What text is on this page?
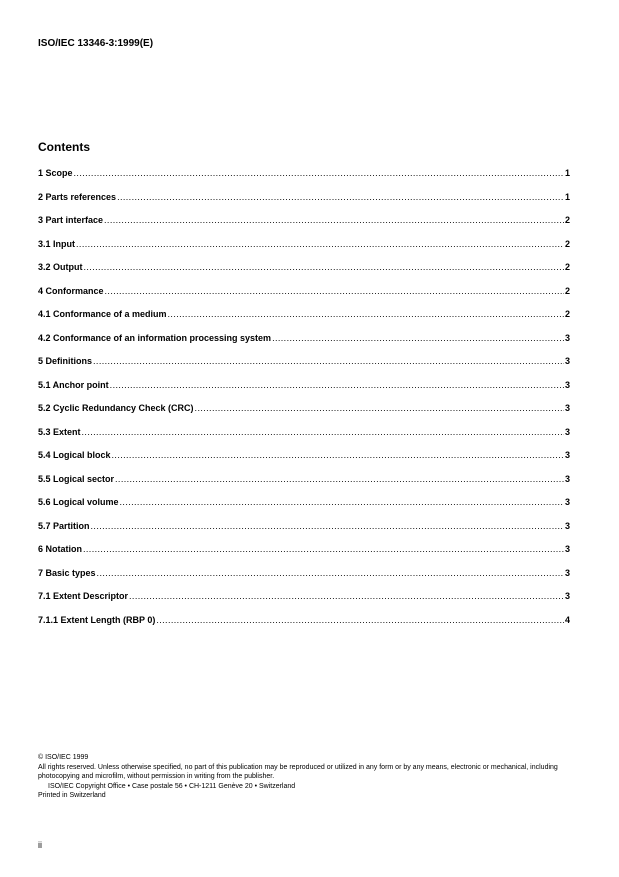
ISO/IEC 13346-3:1999(E)
Contents
1 Scope .....	1
2 Parts references .....	1
3 Part interface .....	2
3.1 Input .....	2
3.2 Output .....	2
4 Conformance .....	2
4.1 Conformance of a medium .....	2
4.2 Conformance of an information processing system .....	3
5 Definitions .....	3
5.1 Anchor point .....	3
5.2 Cyclic Redundancy Check (CRC) .....	3
5.3 Extent .....	3
5.4 Logical block .....	3
5.5 Logical sector .....	3
5.6 Logical volume .....	3
5.7 Partition .....	3
6 Notation .....	3
7 Basic types .....	3
7.1 Extent Descriptor .....	3
7.1.1 Extent Length (RBP 0) .....	4
© ISO/IEC 1999
All rights reserved. Unless otherwise specified, no part of this publication may be reproduced or utilized in any form or by any means, electronic or mechanical, including photocopying and microfilm, without permission in writing from the publisher.
ISO/IEC Copyright Office • Case postale 56 • CH-1211 Genève 20 • Switzerland
Printed in Switzerland
ii
